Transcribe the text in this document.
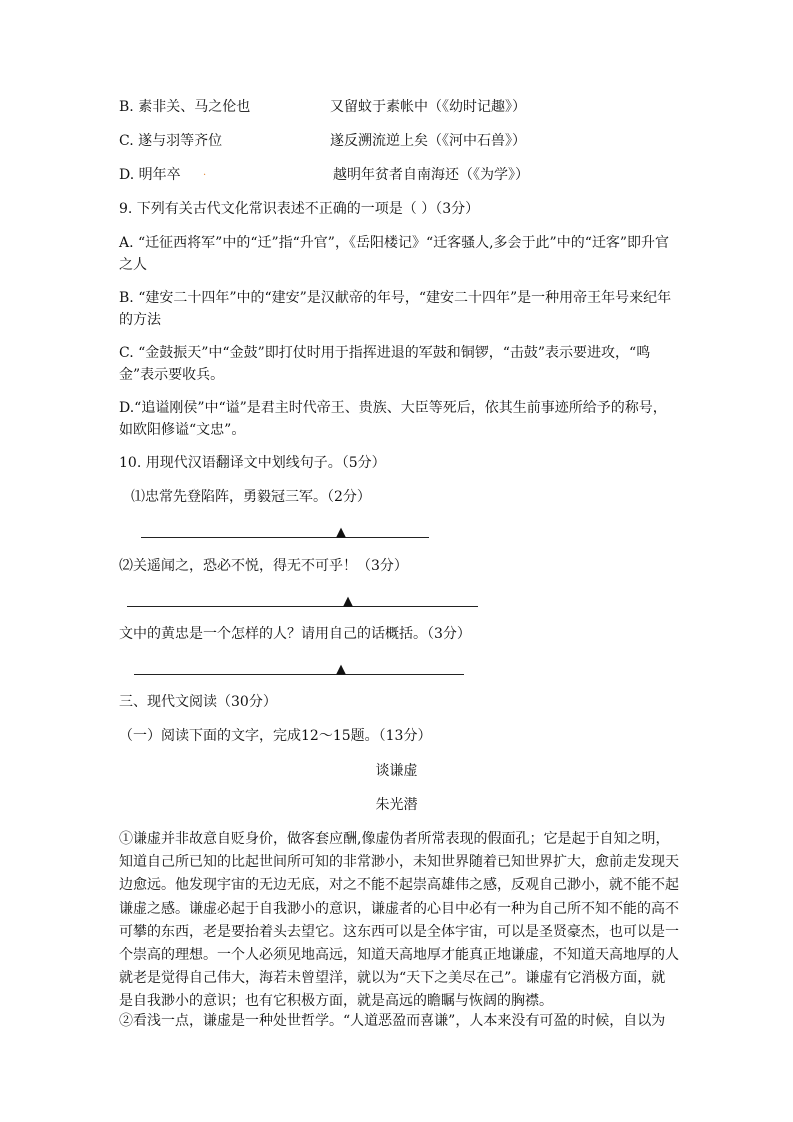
B. 素非关、马之伦也	又留蚊于素帐中（《幼时记趣》）
C. 遂与羽等齐位	遂反溯流逆上矣（《河中石兽》）
D. 明年卒 ·	越明年贫者自南海还（《为学》）
9. 下列有关古代文化常识表述不正确的一项是（ ）（3分）
A. “迁征西将军”中的“迁”指“升官”，《岳阳楼记》“迁客骚人,多会于此”中的“迁客”即升官之人
B. “建安二十四年”中的“建安”是汉献帝的年号，“建安二十四年”是一种用帝王年号来纪年的方法
C. “金鼓振天”中“金鼓”即打仗时用于指挥进退的军鼓和铜锣，“击鼓”表示要进攻，“鸣金”表示要收兵。
D.“追谥刚侯”中“谥”是君主时代帝王、贵族、大臣等死后，依其生前事迹所给予的称号，如欧阳修谥“文忠”。
10. 用现代汉语翻译文中划线句子。（5分）
⑴忠常先登陷阵，勇毅冠三军。（2分）
▲
⑵关遥闻之，恐必不悦，得无不可乎！（3分）
▲
文中的黄忠是一个怎样的人？请用自己的话概括。（3分）
▲
三、现代文阅读（30分）
（一）阅读下面的文字，完成12～15题。（13分）
谈谦虚
朱光潜
①谦虚并非故意自贬身价，做客套应酬,像虚伪者所常表现的假面孔；它是起于自知之明，知道自己所已知的比起世间所可知的非常渺小，未知世界随着已知世界扩大，愈前走发现天边愈远。他发现宇宙的无边无底，对之不能不起崇高雄伟之感，反观自己渺小，就不能不起谦虚之感。谦虚必起于自我渺小的意识，谦虚者的心目中必有一种为自己所不知不能的高不可攀的东西，老是要抬着头去望它。这东西可以是全体宇宙，可以是圣贤豪杰，也可以是一个崇高的理想。一个人必须见地高远，知道天高地厚才能真正地谦虚，不知道天高地厚的人就老是觉得自己伟大，海若未曾望洋，就以为“天下之美尽在己”。谦虚有它消极方面，就是自我渺小的意识；也有它积极方面，就是高远的瞻瞩与恢阔的胸襟。
②看浅一点，谦虚是一种处世哲学。“人道恶盈而喜谦”，人本来没有可盈的时候，自以为
